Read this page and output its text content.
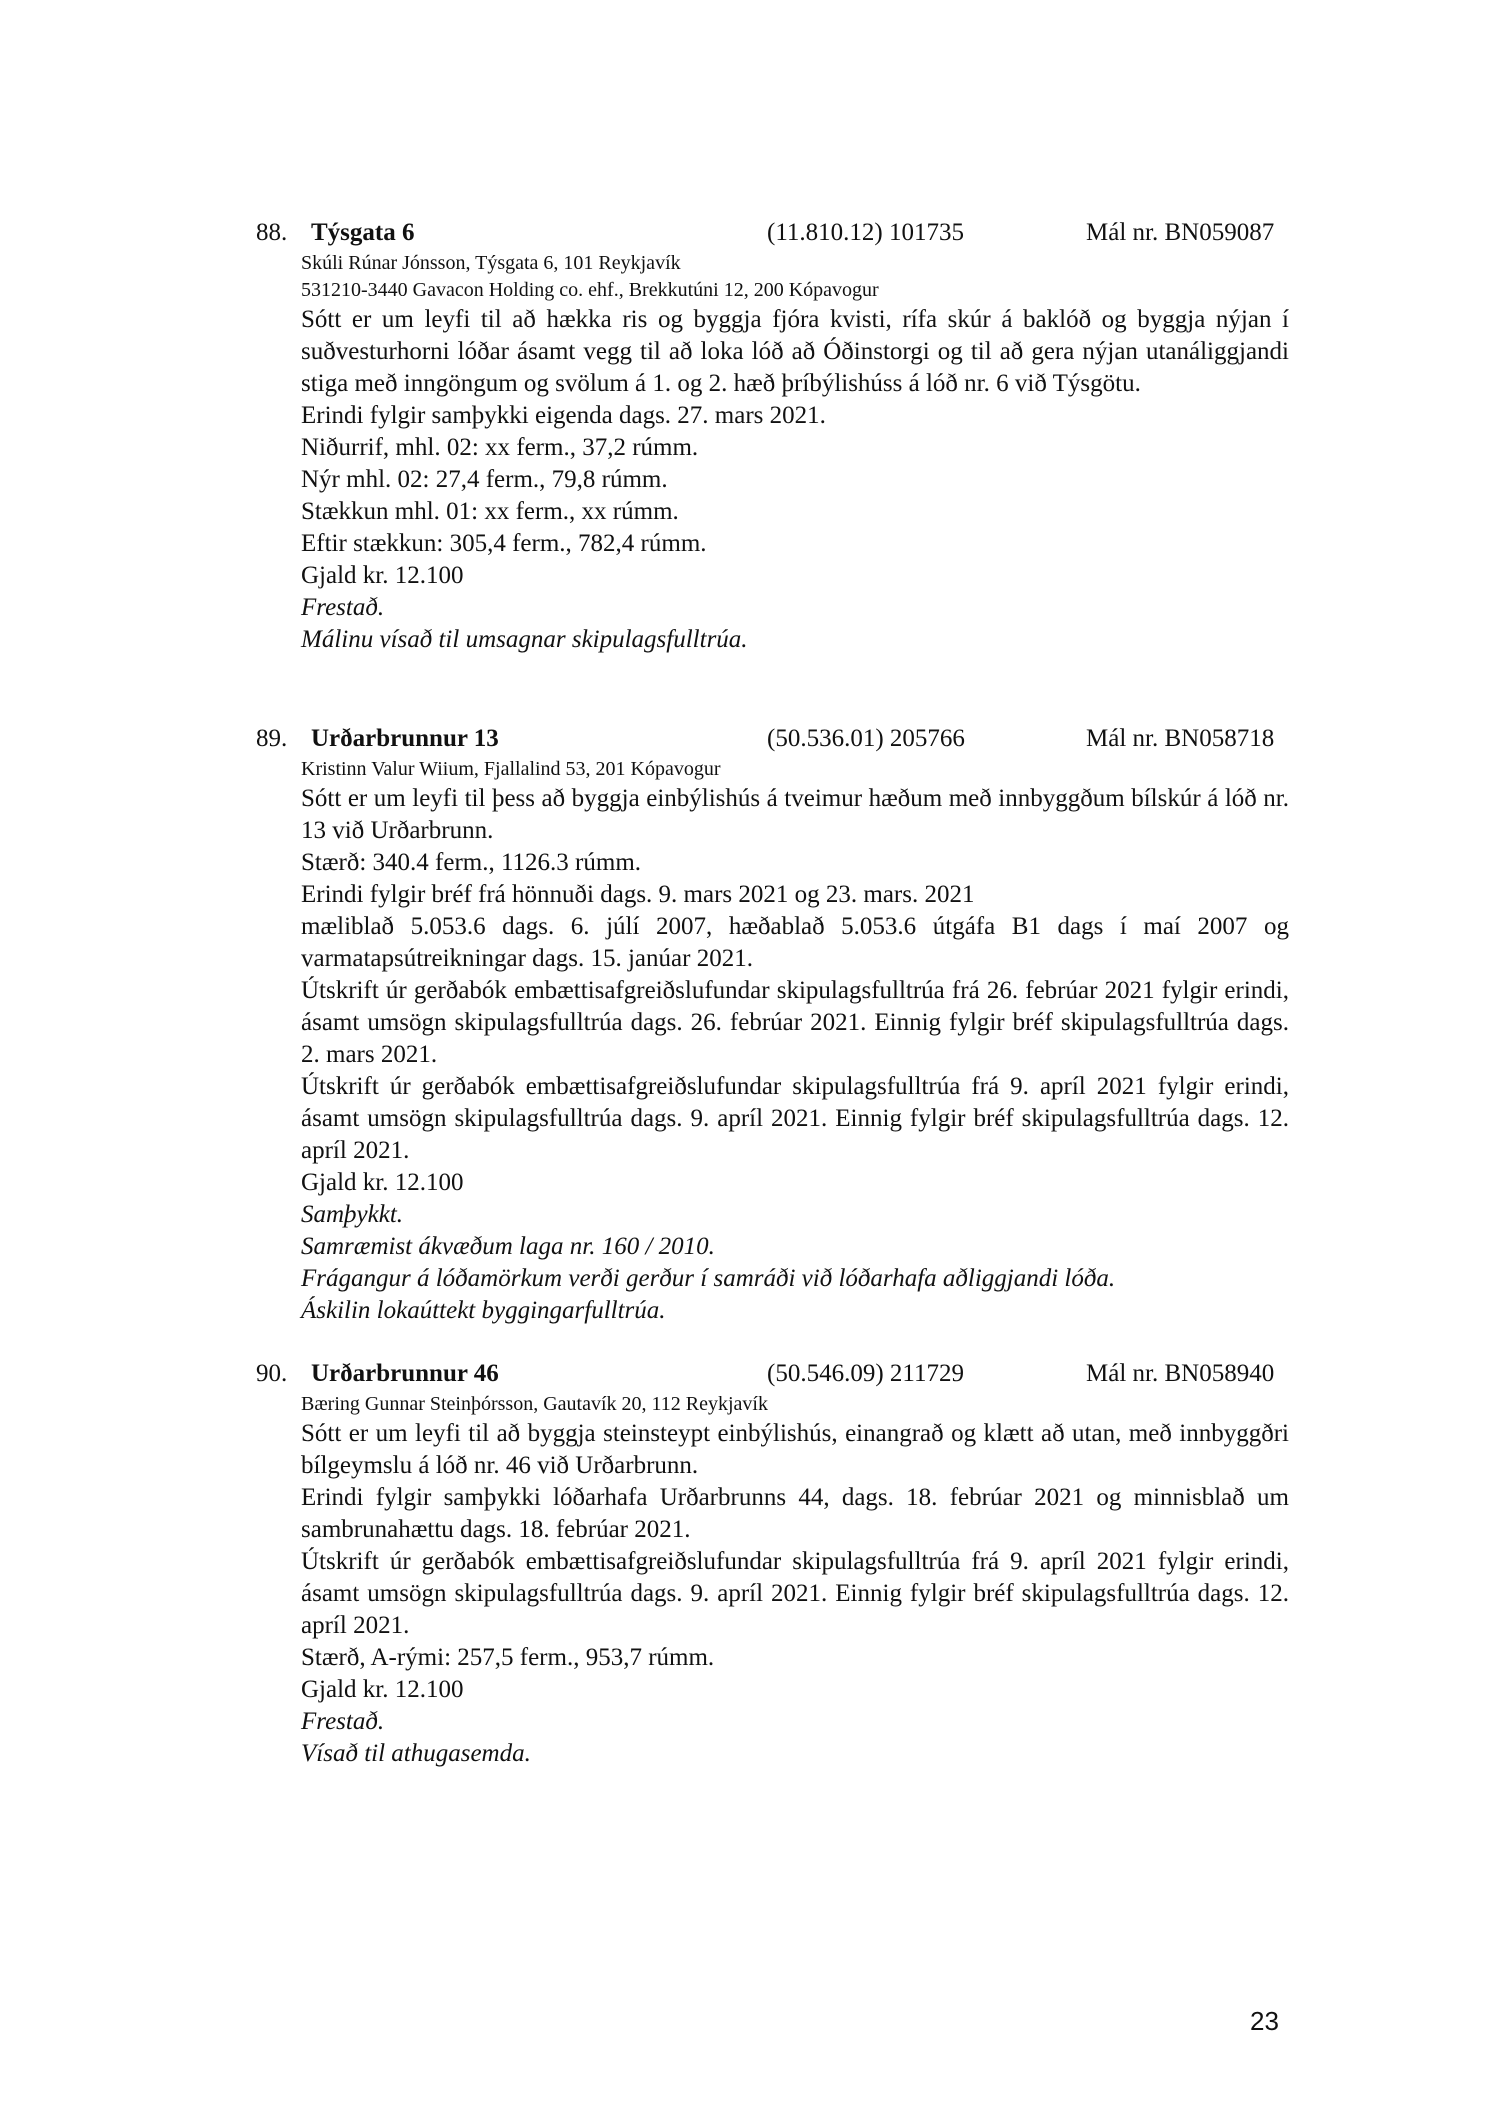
88. Týsgata 6	(11.810.12) 101735	Mál nr. BN059087
Skúli Rúnar Jónsson, Týsgata 6, 101 Reykjavík
531210-3440 Gavacon Holding co. ehf., Brekkutúni 12, 200 Kópavogur
Sótt er um leyfi til að hækka ris og byggja fjóra kvisti, rífa skúr á baklóð og byggja nýjan í suðvesturhorni lóðar ásamt vegg til að loka lóð að Óðinstorgi og til að gera nýjan utanáliggjandi stiga með inngöngum og svölum á 1. og 2. hæð þríbýlishúss á lóð nr. 6 við Týsgötu.
Erindi fylgir samþykki eigenda dags. 27. mars 2021.
Niðurrif, mhl. 02: xx ferm., 37,2 rúmm.
Nýr mhl. 02: 27,4 ferm., 79,8 rúmm.
Stækkun mhl. 01: xx ferm., xx rúmm.
Eftir stækkun: 305,4 ferm., 782,4 rúmm.
Gjald kr. 12.100
Frestað.
Málinu vísað til umsagnar skipulagsfulltrúa.
89. Urðarbrunnur 13	(50.536.01) 205766	Mál nr. BN058718
Kristinn Valur Wiium, Fjallalind 53, 201 Kópavogur
Sótt er um leyfi til þess að byggja einbýlishús á tveimur hæðum með innbyggðum bílskúr á lóð nr. 13 við Urðarbrunn.
Stærð: 340.4 ferm., 1126.3 rúmm.
Erindi fylgir bréf frá hönnuði dags. 9. mars 2021 og 23. mars. 2021
mæliblað 5.053.6 dags. 6. júlí 2007, hæðablað 5.053.6 útgáfa B1 dags í maí 2007 og varmatapsútreikningar dags. 15. janúar 2021.
Útskrift úr gerðabók embættisafgreiðslufundar skipulagsfulltrúa frá 26. febrúar 2021 fylgir erindi, ásamt umsögn skipulagsfulltrúa dags. 26. febrúar 2021. Einnig fylgir bréf skipulagsfulltrúa dags. 2. mars 2021.
Útskrift úr gerðabók embættisafgreiðslufundar skipulagsfulltrúa frá 9. apríl 2021 fylgir erindi, ásamt umsögn skipulagsfulltrúa dags. 9. apríl 2021. Einnig fylgir bréf skipulagsfulltrúa dags. 12. apríl 2021.
Gjald kr. 12.100
Samþykkt.
Samræmist ákvæðum laga nr. 160 / 2010.
Frágangur á lóðamörkum verði gerður í samráði við lóðarhafa aðliggjandi lóða.
Áskilin lokaúttekt byggingarfulltrúa.
90. Urðarbrunnur 46	(50.546.09) 211729	Mál nr. BN058940
Bæring Gunnar Steinþórsson, Gautavík 20, 112 Reykjavík
Sótt er um leyfi til að byggja steinsteypt einbýlishús, einangrað og klætt að utan, með innbyggðri bílgeymslu á lóð nr. 46 við Urðarbrunn.
Erindi fylgir samþykki lóðarhafa Urðarbrunns 44, dags. 18. febrúar 2021 og minnisblað um sambrunahættu dags. 18. febrúar 2021.
Útskrift úr gerðabók embættisafgreiðslufundar skipulagsfulltrúa frá 9. apríl 2021 fylgir erindi, ásamt umsögn skipulagsfulltrúa dags. 9. apríl 2021. Einnig fylgir bréf skipulagsfulltrúa dags. 12. apríl 2021.
Stærð, A-rými: 257,5 ferm., 953,7 rúmm.
Gjald kr. 12.100
Frestað.
Vísað til athugasemda.
23
